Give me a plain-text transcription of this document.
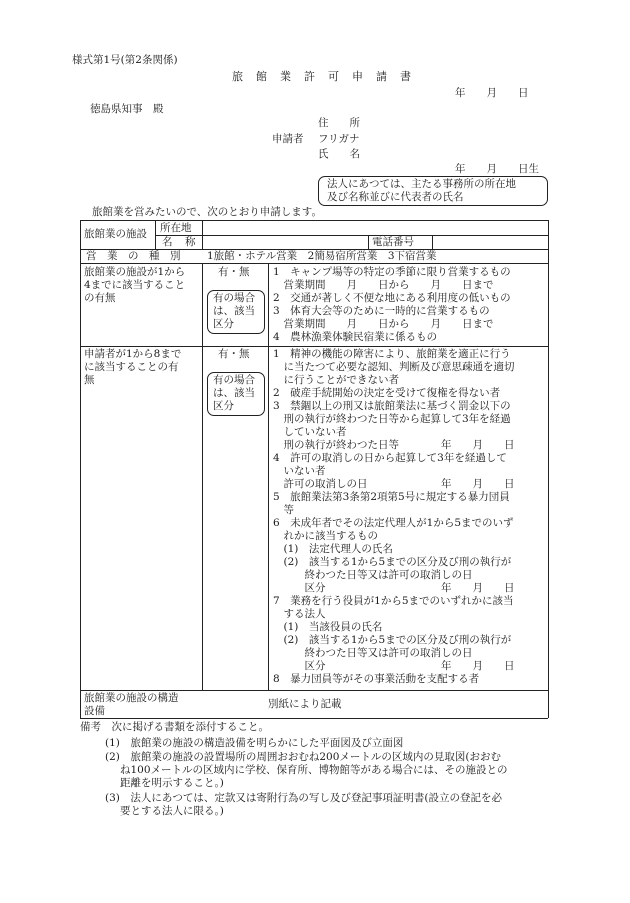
様式第1号(第2条関係)
旅　館　業　許　可　申　請　書
年　　月　　日
徳島県知事　殿
住　　所
申請者 フリガナ
氏　　名
年　　月　　日生
法人にあつては、主たる事務所の所在地
及び名称並びに代表者の氏名
旅館業を営みたいので、次のとおり申請します。
旅館業の施設 所在地
名　称	電話番号
営　業　の　種　別	1旅館・ホテル営業　2簡易宿所営業　3下宿営業
旅館業の施設が1から
4までに該当すること
の有無
有・無
有の場合
は、該当
区分
1　キャンプ場等の特定の季節に限り営業するもの
　営業期間　　月　　日から　　月　　日まで
2　交通が著しく不便な地にある利用度の低いもの
3　体育大会等のために一時的に営業するもの
　営業期間　　月　　日から　　月　　日まで
4　農林漁業体験民宿業に係るもの
申請者が1から8まで
に該当することの有
無
有・無
有の場合
は、該当
区分
1　精神の機能の障害により、旅館業を適正に行う
　に当たつて必要な認知、判断及び意思疎通を適切
　に行うことができない者
2　破産手続開始の決定を受けて復権を得ない者
3　禁錮以上の刑又は旅館業法に基づく罰金以下の
　刑の執行が終わつた日等から起算して3年を経過
　していない者
　刑の執行が終わつた日等　　　　年　　月　　日
4　許可の取消しの日から起算して3年を経過して
　いない者
　許可の取消しの日　　　　　　　年　　月　　日
5　旅館業法第3条第2項第5号に規定する暴力団員
　等
6　未成年者でその法定代理人が1から5までのいず
　れかに該当するもの
　(1)　法定代理人の氏名
　(2)　該当する1から5までの区分及び刑の執行が
　　　終わつた日等又は許可の取消しの日
　　　区分　　　　　　　　　　　年　　月　　日
7　業務を行う役員が1から5までのいずれかに該当
　する法人
　(1)　当該役員の氏名
　(2)　該当する1から5までの区分及び刑の執行が
　　　終わつた日等又は許可の取消しの日
　　　区分　　　　　　　　　　　年　　月　　日
8　暴力団員等がその事業活動を支配する者
旅館業の施設の構造
設備
別紙により記載
備考　次に掲げる書類を添付すること。
(1)　旅館業の施設の構造設備を明らかにした平面図及び立面図
(2)　旅館業の施設の設置場所の周囲おおむね200メートルの区域内の見取図(おおむ
ね100メートルの区域内に学校、保育所、博物館等がある場合には、その施設との
距離を明示すること。)
(3)　法人にあつては、定款又は寄附行為の写し及び登記事項証明書(設立の登記を必
要とする法人に限る。)
